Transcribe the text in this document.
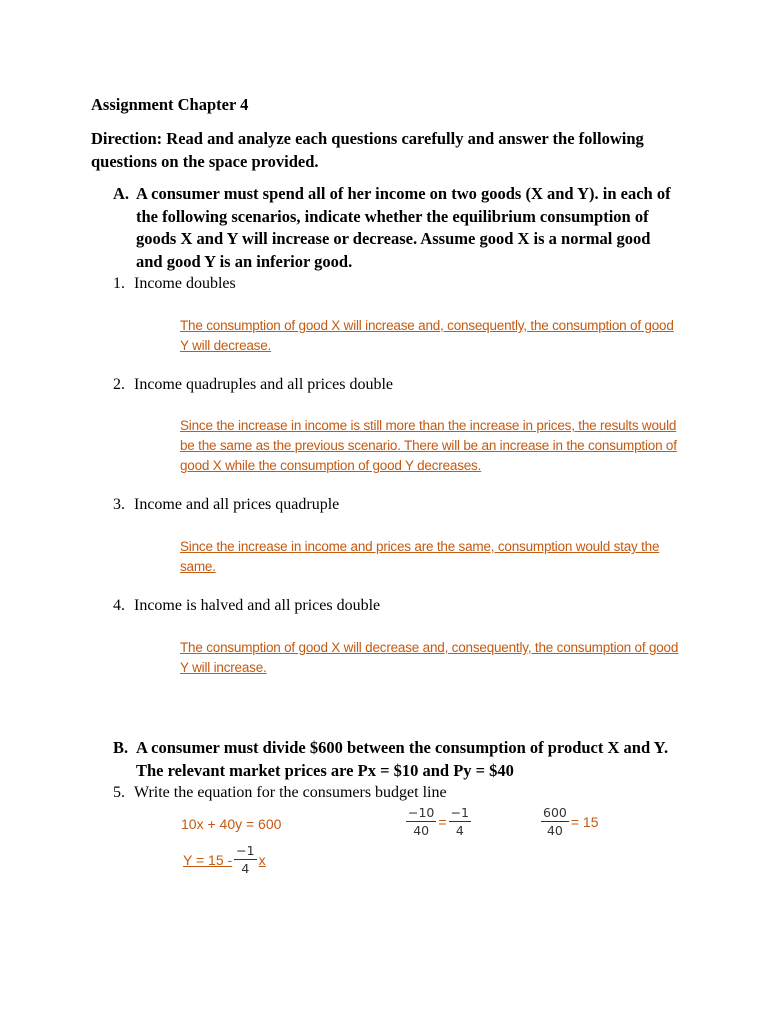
Assignment Chapter 4
Direction: Read and analyze each questions carefully and answer the following questions on the space provided.
A. A consumer must spend all of her income on two goods (X and Y). in each of the following scenarios, indicate whether the equilibrium consumption of goods X and Y will increase or decrease. Assume good X is a normal good and good Y is an inferior good.
1. Income doubles
The consumption of good X will increase and, consequently, the consumption of good Y will decrease.
2. Income quadruples and all prices double
Since the increase in income is still more than the increase in prices, the results would be the same as the previous scenario. There will be an increase in the consumption of good X while the consumption of good Y decreases.
3. Income and all prices quadruple
Since the increase in income and prices are the same, consumption would stay the same.
4. Income is halved and all prices double
The consumption of good X will decrease and, consequently, the consumption of good Y will increase.
B. A consumer must divide $600 between the consumption of product X and Y. The relevant market prices are Px = $10 and Py = $40
5. Write the equation for the consumers budget line
10x + 40y = 600	$\frac{-10}{40} = \frac{-1}{4}$	$\frac{600}{40} = 15$
$Y = 15 - \frac{-1}{4}$ x
